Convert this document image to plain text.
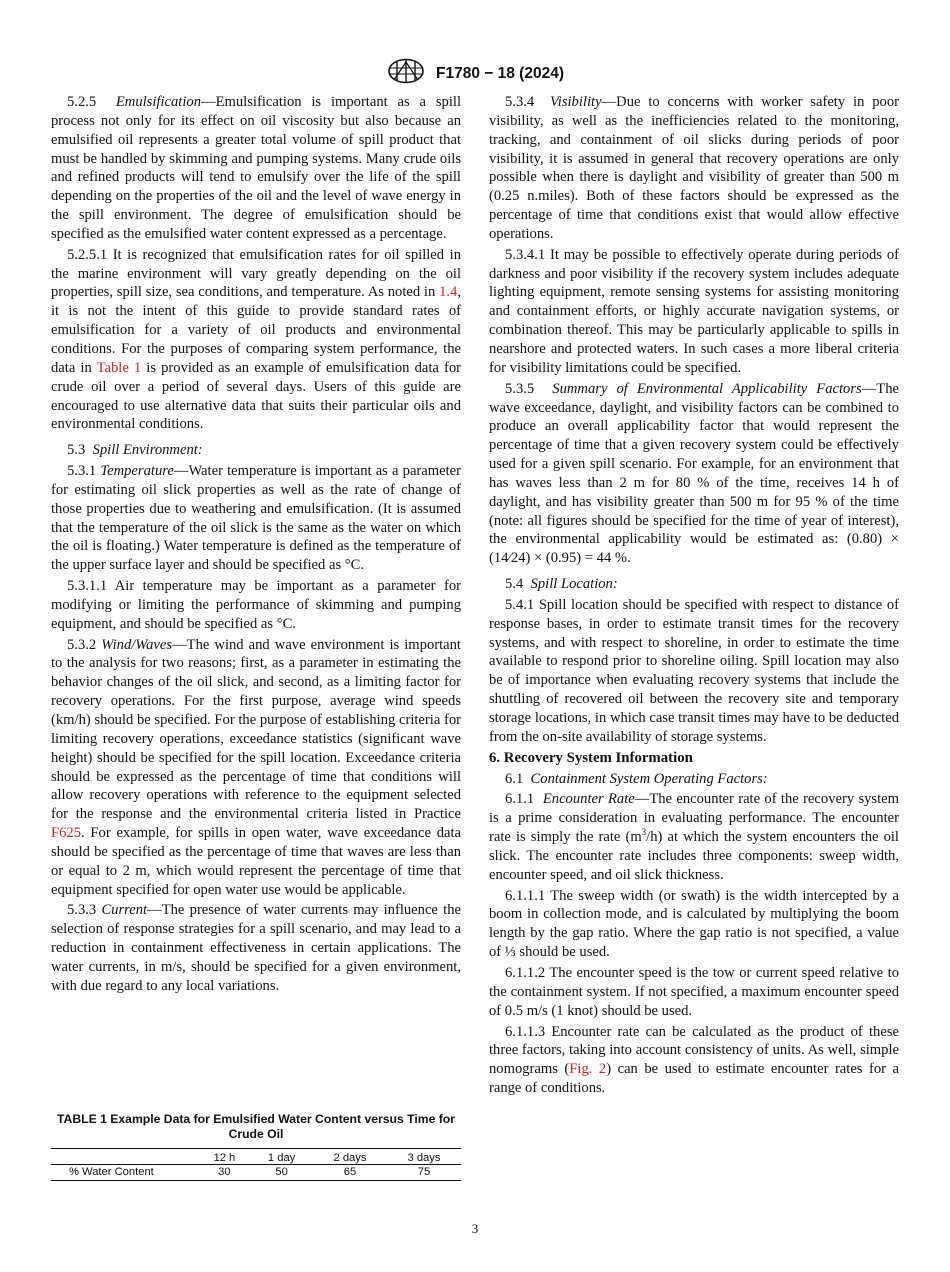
F1780 − 18 (2024)

5.2.5 Emulsification—Emulsification is important as a spill process not only for its effect on oil viscosity but also because an emulsified oil represents a greater total volume of spill product that must be handled by skimming and pumping systems. Many crude oils and refined products will tend to emulsify over the life of the spill depending on the properties of the oil and the level of wave energy in the spill environment. The degree of emulsification should be specified as the emulsified water content expressed as a percentage.

5.2.5.1 It is recognized that emulsification rates for oil spilled in the marine environment will vary greatly depending on the oil properties, spill size, sea conditions, and temperature. As noted in 1.4, it is not the intent of this guide to provide standard rates of emulsification for a variety of oil products and environmental conditions. For the purposes of comparing system performance, the data in Table 1 is provided as an example of emulsification data for crude oil over a period of several days. Users of this guide are encouraged to use alternative data that suits their particular oils and environmental conditions.

5.3 Spill Environment:

5.3.1 Temperature—Water temperature is important as a parameter for estimating oil slick properties as well as the rate of change of those properties due to weathering and emulsification. (It is assumed that the temperature of the oil slick is the same as the water on which the oil is floating.) Water temperature is defined as the temperature of the upper surface layer and should be specified as °C.

5.3.1.1 Air temperature may be important as a parameter for modifying or limiting the performance of skimming and pumping equipment, and should be specified as °C.

5.3.2 Wind/Waves—The wind and wave environment is important to the analysis for two reasons; first, as a parameter in estimating the behavior changes of the oil slick, and second, as a limiting factor for recovery operations. For the first purpose, average wind speeds (km/h) should be specified. For the purpose of establishing criteria for limiting recovery operations, exceedance statistics (significant wave height) should be specified for the spill location. Exceedance criteria should be expressed as the percentage of time that conditions will allow recovery operations with reference to the equipment selected for the response and the environmental criteria listed in Practice F625. For example, for spills in open water, wave exceedance data should be specified as the percentage of time that waves are less than or equal to 2 m, which would represent the percentage of time that equipment specified for open water use would be applicable.

5.3.3 Current—The presence of water currents may influence the selection of response strategies for a spill scenario, and may lead to a reduction in containment effectiveness in certain applications. The water currents, in m/s, should be specified for a given environment, with due regard to any local variations.

TABLE 1 Example Data for Emulsified Water Content versus Time for Crude Oil
	12 h	1 day	2 days	3 days
% Water Content	30	50	65	75

5.3.4 Visibility—Due to concerns with worker safety in poor visibility, as well as the inefficiencies related to the monitoring, tracking, and containment of oil slicks during periods of poor visibility, it is assumed in general that recovery operations are only possible when there is daylight and visibility of greater than 500 m (0.25 n.miles). Both of these factors should be expressed as the percentage of time that conditions exist that would allow effective operations.

5.3.4.1 It may be possible to effectively operate during periods of darkness and poor visibility if the recovery system includes adequate lighting equipment, remote sensing systems for assisting monitoring and containment efforts, or highly accurate navigation systems, or combination thereof. This may be particularly applicable to spills in nearshore and protected waters. In such cases a more liberal criteria for visibility limitations could be specified.

5.3.5 Summary of Environmental Applicability Factors—The wave exceedance, daylight, and visibility factors can be combined to produce an overall applicability factor that would represent the percentage of time that a given recovery system could be effectively used for a given spill scenario. For example, for an environment that has waves less than 2 m for 80 % of the time, receives 14 h of daylight, and has visibility greater than 500 m for 95 % of the time (note: all figures should be specified for the time of year of interest), the environmental applicability would be estimated as: (0.80) × (14⁄24) × (0.95) = 44 %.

5.4 Spill Location:

5.4.1 Spill location should be specified with respect to distance of response bases, in order to estimate transit times for the recovery systems, and with respect to shoreline, in order to estimate the time available to respond prior to shoreline oiling. Spill location may also be of importance when evaluating recovery systems that include the shuttling of recovered oil between the recovery site and temporary storage locations, in which case transit times may have to be deducted from the on-site availability of storage systems.

6. Recovery System Information

6.1 Containment System Operating Factors:

6.1.1 Encounter Rate—The encounter rate of the recovery system is a prime consideration in evaluating performance. The encounter rate is simply the rate $(m^3/h)$ at which the system encounters the oil slick. The encounter rate includes three components: sweep width, encounter speed, and oil slick thickness.

6.1.1.1 The sweep width (or swath) is the width intercepted by a boom in collection mode, and is calculated by multiplying the boom length by the gap ratio. Where the gap ratio is not specified, a value of ⅓ should be used.

6.1.1.2 The encounter speed is the tow or current speed relative to the containment system. If not specified, a maximum encounter speed of 0.5 m/s (1 knot) should be used.

6.1.1.3 Encounter rate can be calculated as the product of these three factors, taking into account consistency of units. As well, simple nomograms (Fig. 2) can be used to estimate encounter rates for a range of conditions.

3
